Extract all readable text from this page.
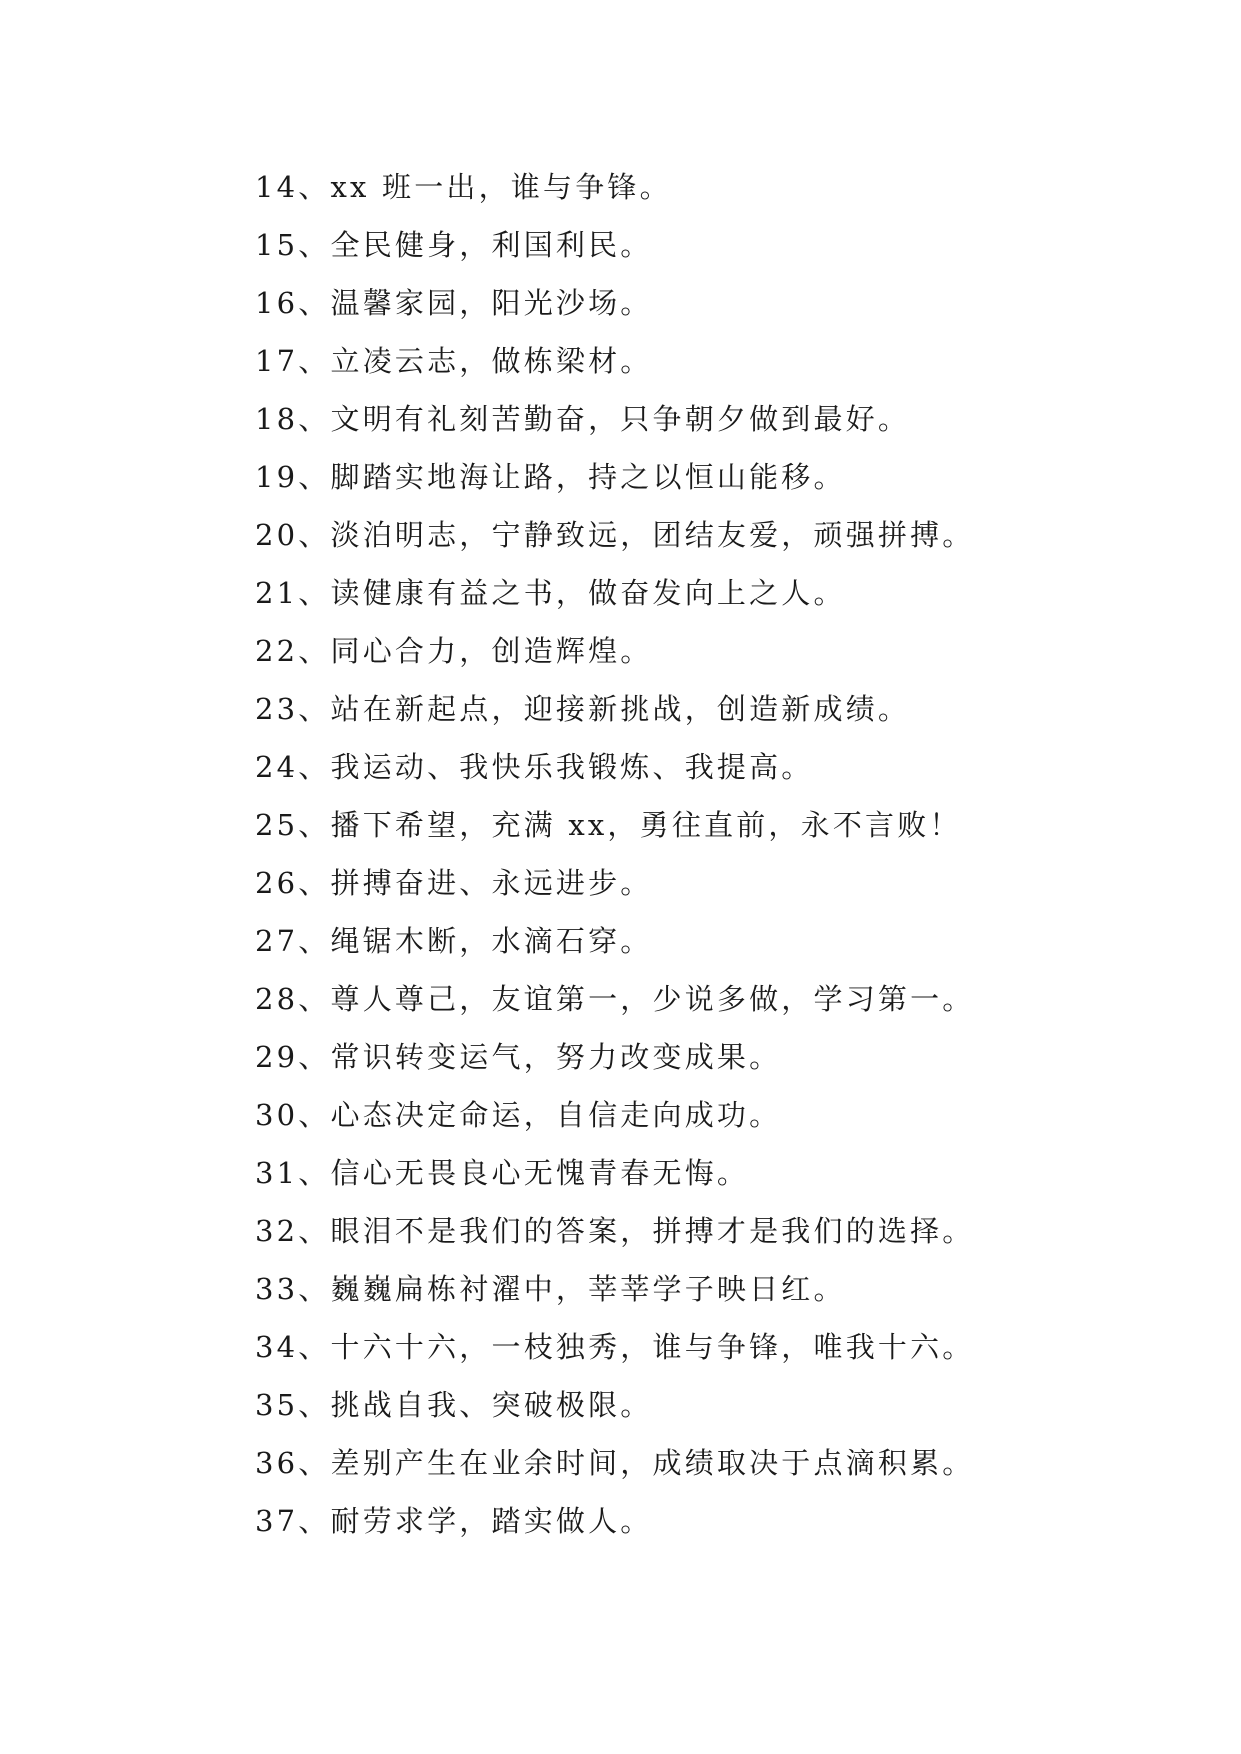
14、xx 班一出，谁与争锋。
15、全民健身，利国利民。
16、温馨家园，阳光沙场。
17、立凌云志，做栋梁材。
18、文明有礼刻苦勤奋，只争朝夕做到最好。
19、脚踏实地海让路，持之以恒山能移。
20、淡泊明志，宁静致远，团结友爱，顽强拼搏。
21、读健康有益之书，做奋发向上之人。
22、同心合力，创造辉煌。
23、站在新起点，迎接新挑战，创造新成绩。
24、我运动、我快乐我锻炼、我提高。
25、播下希望，充满 xx，勇往直前，永不言败！
26、拼搏奋进、永远进步。
27、绳锯木断，水滴石穿。
28、尊人尊己，友谊第一，少说多做，学习第一。
29、常识转变运气，努力改变成果。
30、心态决定命运，自信走向成功。
31、信心无畏良心无愧青春无悔。
32、眼泪不是我们的答案，拼搏才是我们的选择。
33、巍巍扁栋衬濯中，莘莘学子映日红。
34、十六十六，一枝独秀，谁与争锋，唯我十六。
35、挑战自我、突破极限。
36、差别产生在业余时间，成绩取决于点滴积累。
37、耐劳求学，踏实做人。
